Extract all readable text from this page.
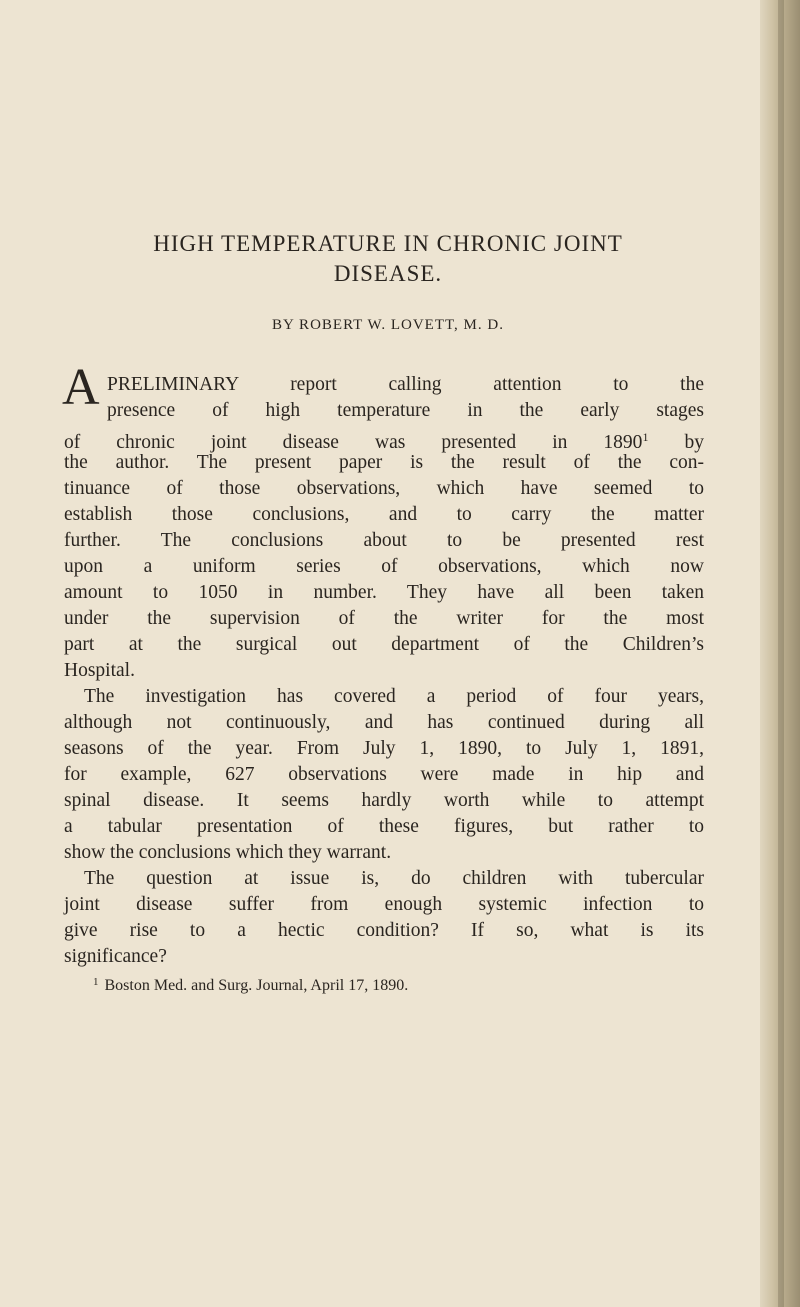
HIGH TEMPERATURE IN CHRONIC JOINT
DISEASE.
BY ROBERT W. LOVETT, M. D.
A PRELIMINARY report calling attention to the
presence of high temperature in the early stages
of chronic joint disease was presented in 1890$^1$ by
the author. The present paper is the result of the con-
tinuance of those observations, which have seemed to
establish those conclusions, and to carry the matter
further. The conclusions about to be presented rest
upon a uniform series of observations, which now
amount to 1050 in number. They have all been taken
under the supervision of the writer for the most
part at the surgical out department of the Children’s
Hospital.
The investigation has covered a period of four years,
although not continuously, and has continued during all
seasons of the year. From July 1, 1890, to July 1, 1891,
for example, 627 observations were made in hip and
spinal disease. It seems hardly worth while to attempt
a tabular presentation of these figures, but rather to
show the conclusions which they warrant.
The question at issue is, do children with tubercular
joint disease suffer from enough systemic infection to
give rise to a hectic condition? If so, what is its
significance?
$^1$ Boston Med. and Surg. Journal, April 17, 1890.
